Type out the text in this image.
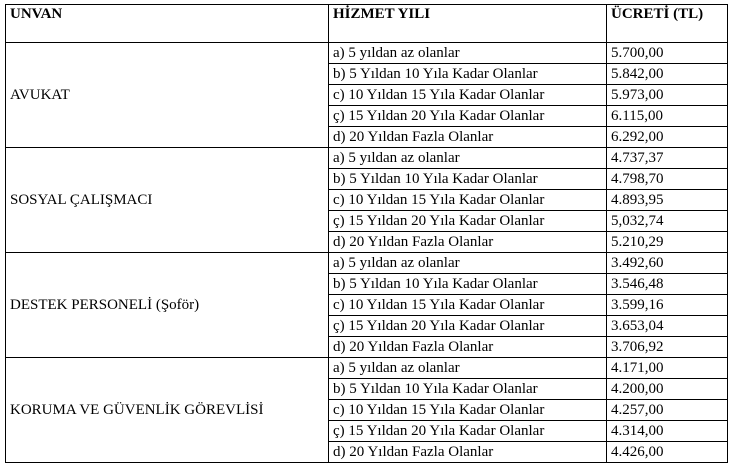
UNVAN	HİZMET YILI	ÜCRETİ (TL)
AVUKAT	a) 5 yıldan az olanlar	5.700,00
	b) 5 Yıldan 10 Yıla Kadar Olanlar	5.842,00
	c) 10 Yıldan 15 Yıla Kadar Olanlar	5.973,00
	ç) 15 Yıldan 20 Yıla Kadar Olanlar	6.115,00
	d) 20 Yıldan Fazla Olanlar	6.292,00
SOSYAL ÇALIŞMACI	a) 5 yıldan az olanlar	4.737,37
	b) 5 Yıldan 10 Yıla Kadar Olanlar	4.798,70
	c) 10 Yıldan 15 Yıla Kadar Olanlar	4.893,95
	ç) 15 Yıldan 20 Yıla Kadar Olanlar	5,032,74
	d) 20 Yıldan Fazla Olanlar	5.210,29
DESTEK PERSONELİ (Şoför)	a) 5 yıldan az olanlar	3.492,60
	b) 5 Yıldan 10 Yıla Kadar Olanlar	3.546,48
	c) 10 Yıldan 15 Yıla Kadar Olanlar	3.599,16
	ç) 15 Yıldan 20 Yıla Kadar Olanlar	3.653,04
	d) 20 Yıldan Fazla Olanlar	3.706,92
KORUMA VE GÜVENLİK GÖREVLİSİ	a) 5 yıldan az olanlar	4.171,00
	b) 5 Yıldan 10 Yıla Kadar Olanlar	4.200,00
	c) 10 Yıldan 15 Yıla Kadar Olanlar	4.257,00
	ç) 15 Yıldan 20 Yıla Kadar Olanlar	4.314,00
	d) 20 Yıldan Fazla Olanlar	4.426,00
